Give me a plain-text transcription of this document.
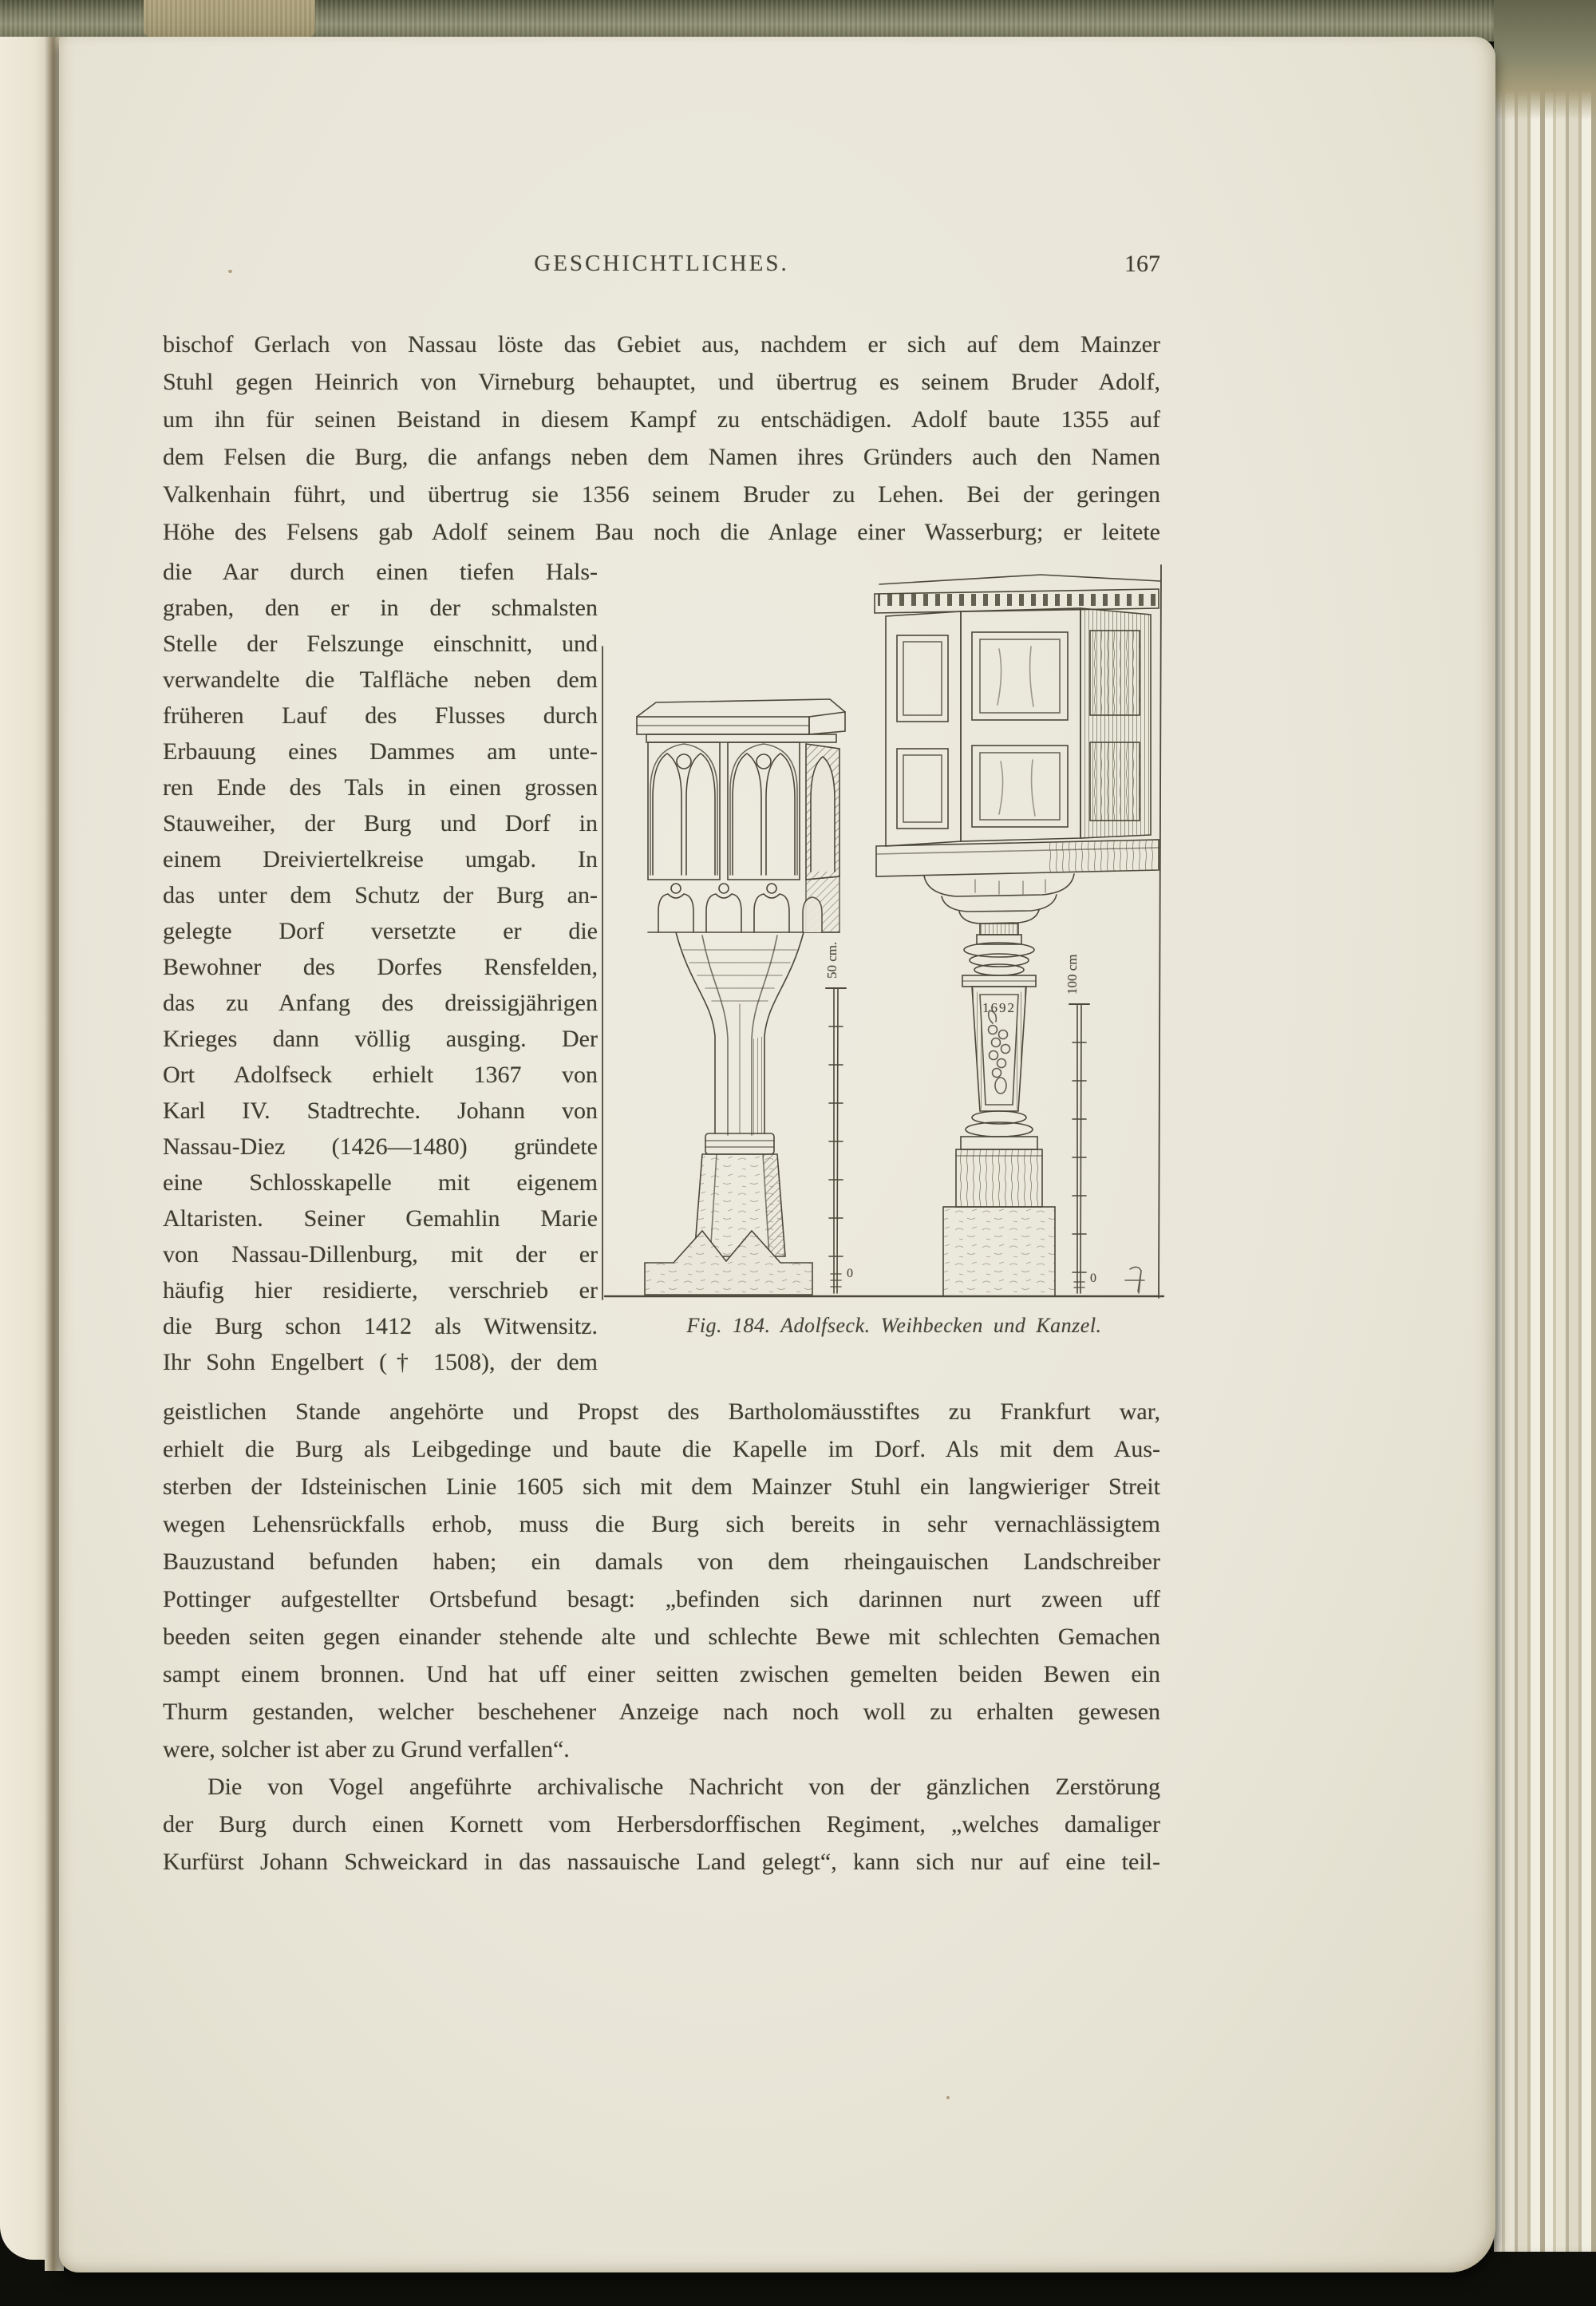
GESCHICHTLICHES.	167
bischof Gerlach von Nassau löste das Gebiet aus, nachdem er sich auf dem Mainzer
Stuhl gegen Heinrich von Virneburg behauptet, und übertrug es seinem Bruder Adolf,
um ihn für seinen Beistand in diesem Kampf zu entschädigen. Adolf baute 1355 auf
dem Felsen die Burg, die anfangs neben dem Namen ihres Gründers auch den Namen
Valkenhain führt, und übertrug sie 1356 seinem Bruder zu Lehen. Bei der geringen
Höhe des Felsens gab Adolf seinem Bau noch die Anlage einer Wasserburg; er leitete
die Aar durch einen tiefen Hals-
graben, den er in der schmalsten
Stelle der Felszunge einschnitt, und
verwandelte die Talfläche neben dem
früheren Lauf des Flusses durch
Erbauung eines Dammes am unte-
ren Ende des Tals in einen grossen
Stauweiher, der Burg und Dorf in
einem Dreiviertelkreise umgab. In
das unter dem Schutz der Burg an-
gelegte Dorf versetzte er die
Bewohner des Dorfes Rensfelden,
das zu Anfang des dreissigjährigen
Krieges dann völlig ausging. Der
Ort Adolfseck erhielt 1367 von
Karl IV. Stadtrechte. Johann von
Nassau-Diez (1426—1480) gründete
eine Schlosskapelle mit eigenem
Altaristen. Seiner Gemahlin Marie
von Nassau-Dillenburg, mit der er
häufig hier residierte, verschrieb er
die Burg schon 1412 als Witwensitz.
Ihr Sohn Engelbert († 1508), der dem
0
50 cm.
1692
0
100 cm
Fig. 184. Adolfseck. Weihbecken und Kanzel.
geistlichen Stande angehörte und Propst des Bartholomäusstiftes zu Frankfurt war,
erhielt die Burg als Leibgedinge und baute die Kapelle im Dorf. Als mit dem Aus-
sterben der Idsteinischen Linie 1605 sich mit dem Mainzer Stuhl ein langwieriger Streit
wegen Lehensrückfalls erhob, muss die Burg sich bereits in sehr vernachlässigtem
Bauzustand befunden haben; ein damals von dem rheingauischen Landschreiber
Pottinger aufgestellter Ortsbefund besagt: „befinden sich darinnen nurt zween uff
beeden seiten gegen einander stehende alte und schlechte Bewe mit schlechten Gemachen
sampt einem bronnen. Und hat uff einer seitten zwischen gemelten beiden Bewen ein
Thurm gestanden, welcher beschehener Anzeige nach noch woll zu erhalten gewesen
were, solcher ist aber zu Grund verfallen“.
Die von Vogel angeführte archivalische Nachricht von der gänzlichen Zerstörung
der Burg durch einen Kornett vom Herbersdorffischen Regiment, „welches damaliger
Kurfürst Johann Schweickard in das nassauische Land gelegt“, kann sich nur auf eine teil-
